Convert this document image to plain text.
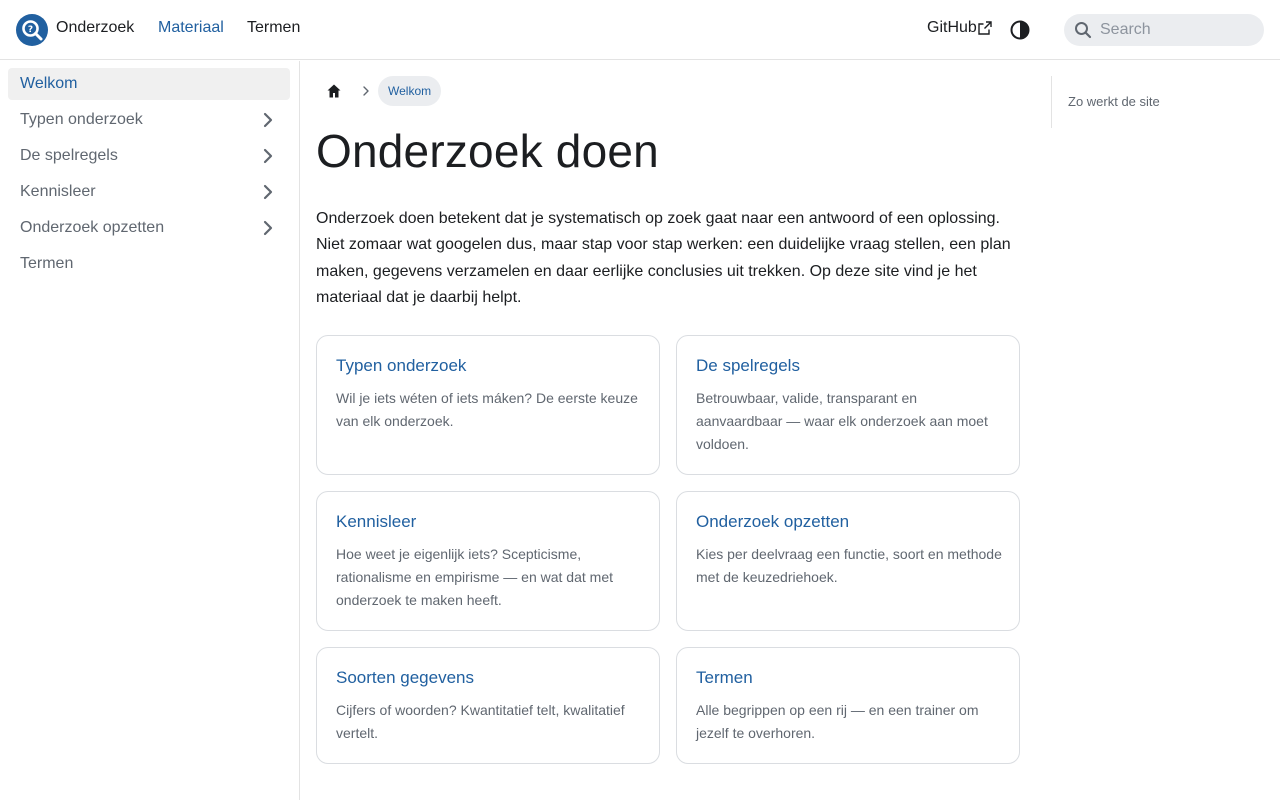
? Onderzoek Materiaal Termen	GitHub
Search
Welkom
Typen onderzoek
De spelregels
Kennisleer
Onderzoek opzetten
Termen
Welkom
Onderzoek doen

Onderzoek doen betekent dat je systematisch op zoek gaat naar een antwoord of een oplossing. Niet zomaar wat googelen dus, maar stap voor stap werken: een duidelijke vraag stellen, een plan maken, gegevens verzamelen en daar eerlijke conclusies uit trekken. Op deze site vind je het materiaal dat je daarbij helpt.

Typen onderzoek

Wil je iets wéten of iets máken? De eerste keuze van elk onderzoek.

De spelregels

Betrouwbaar, valide, transparant en aanvaardbaar — waar elk onderzoek aan moet voldoen.

Kennisleer

Hoe weet je eigenlijk iets? Scepticisme, rationalisme en empirisme — en wat dat met onderzoek te maken heeft.

Onderzoek opzetten

Kies per deelvraag een functie, soort en methode met de keuzedriehoek.

Soorten gegevens

Cijfers of woorden? Kwantitatief telt, kwalitatief vertelt.

Termen

Alle begrippen op een rij — en een trainer om jezelf te overhoren.

Zo werkt de site
